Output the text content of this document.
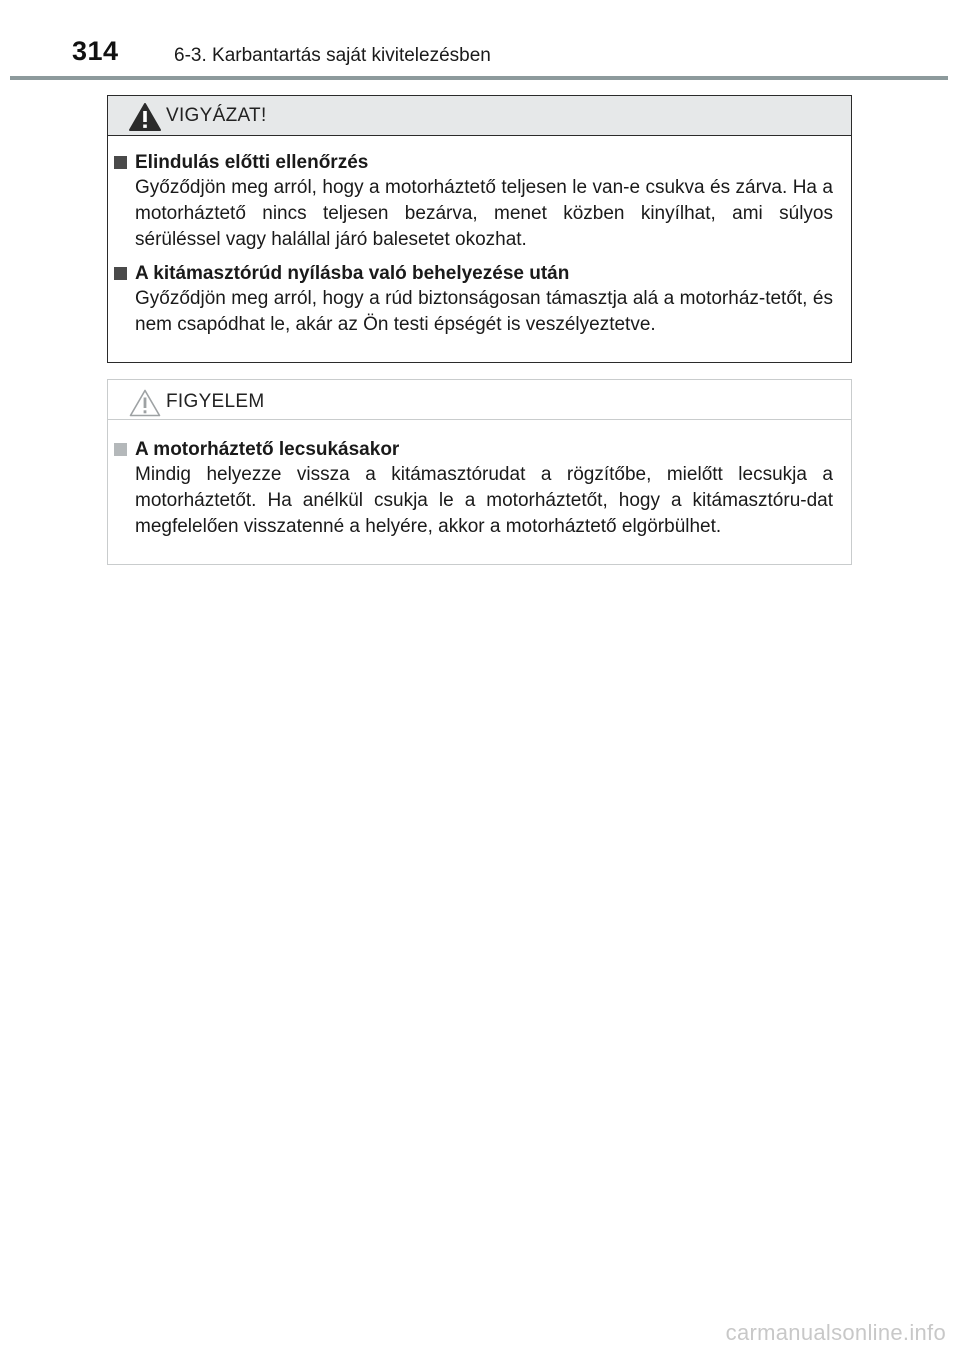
314	6-3. Karbantartás saját kivitelezésben
VIGYÁZAT!
Elindulás előtti ellenőrzés

Győződjön meg arról, hogy a motorháztető teljesen le van-e csukva és zárva. Ha a motorháztető nincs teljesen bezárva, menet közben kinyílhat, ami súlyos sérüléssel vagy halállal járó balesetet okozhat.

A kitámasztórúd nyílásba való behelyezése után

Győződjön meg arról, hogy a rúd biztonságosan támasztja alá a motorház-tetőt, és nem csapódhat le, akár az Ön testi épségét is veszélyeztetve.

FIGYELEM
A motorháztető lecsukásakor

Mindig helyezze vissza a kitámasztórudat a rögzítőbe, mielőtt lecsukja a motorháztetőt. Ha anélkül csukja le a motorháztetőt, hogy a kitámasztóru-dat megfelelően visszatenné a helyére, akkor a motorháztető elgörbülhet.

carmanualsonline.info
